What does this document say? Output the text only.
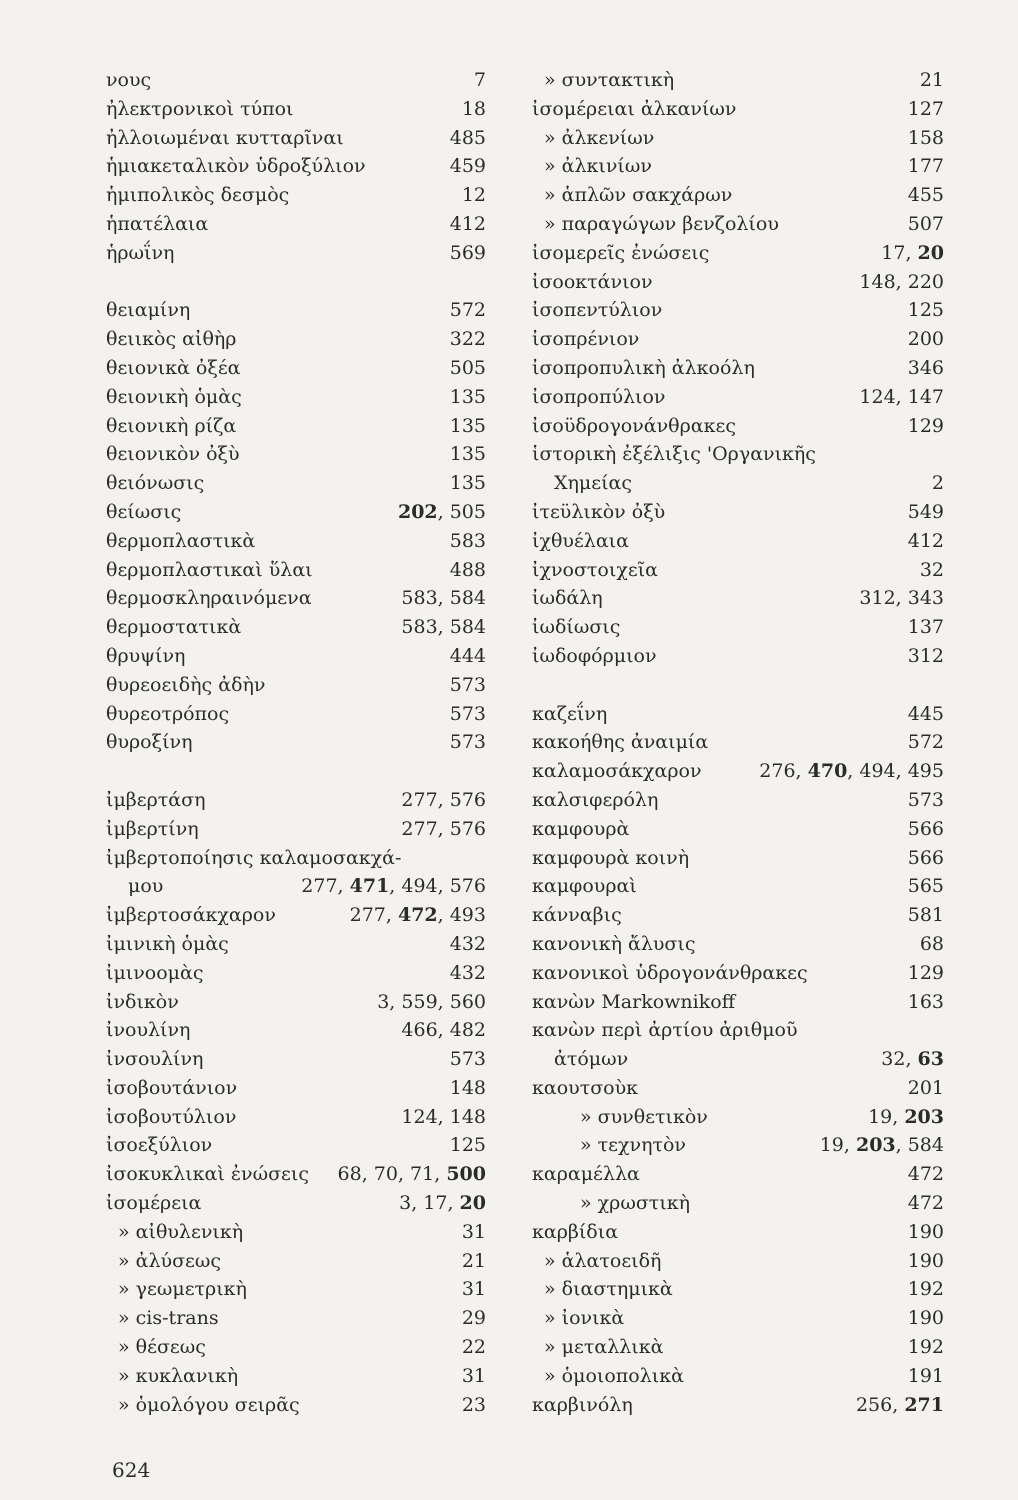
νους	7
ἠλεκτρονικοὶ τύποι	18
ἠλλοιωμέναι κυτταρῖναι	485
ἡμιακεταλικὸν ὑδροξύλιον	459
ἡμιπολικὸς δεσμὸς	12
ἡπατέλαια	412
ἡρωΐνη	569
θειαμίνη	572
θειικὸς αἰθὴρ	322
θειονικὰ ὀξέα	505
θειονικὴ ὁμὰς	135
θειονικὴ ρίζα	135
θειονικὸν ὀξὺ	135
θειόνωσις	135
θείωσις	202, 505
θερμοπλαστικὰ	583
θερμοπλαστικαὶ ὕλαι	488
θερμοσκληραινόμενα	583, 584
θερμοστατικὰ	583, 584
θρυψίνη	444
θυρεοειδὴς ἀδὴν	573
θυρεοτρόπος	573
θυροξίνη	573
ἰμβερτάση	277, 576
ἰμβερτίνη	277, 576
ἰμβερτοποίησις καλαμοσακχά-
μου	277, 471, 494, 576
ἰμβερτοσάκχαρον	277, 472, 493
ἰμινικὴ ὁμὰς	432
ἰμινοομὰς	432
ἰνδικὸν	3, 559, 560
ἰνουλίνη	466, 482
ἰνσουλίνη	573
ἰσοβουτάνιον	148
ἰσοβουτύλιον	124, 148
ἰσοεξύλιον	125
ἰσοκυκλικαὶ ἐνώσεις 68, 70, 71, 500
ἰσομέρεια	3, 17, 20
» αἰθυλενικὴ	31
» ἀλύσεως	21
» γεωμετρικὴ	31
» cis-trans	29
» θέσεως	22
» κυκλανικὴ	31
» ὁμολόγου σειρᾶς	23
» συντακτικὴ	21
ἰσομέρειαι ἀλκανίων	127
» ἀλκενίων	158
» ἀλκινίων	177
» ἁπλῶν σακχάρων	455
» παραγώγων βενζολίου	507
ἰσομερεῖς ἐνώσεις	17, 20
ἰσοοκτάνιον	148, 220
ἰσοπεντύλιον	125
ἰσοπρένιον	200
ἰσοπροπυλικὴ ἀλκοόλη	346
ἰσοπροπύλιον	124, 147
ἰσοϋδρογονάνθρακες	129
ἱστορικὴ ἐξέλιξις 'Οργανικῆς
Χημείας	2
ἰτεϋλικὸν ὀξὺ	549
ἰχθυέλαια	412
ἰχνοστοιχεῖα	32
ἰωδάλη	312, 343
ἰωδίωσις	137
ἰωδοφόρμιον	312
καζεΐνη	445
κακοήθης ἀναιμία	572
καλαμοσάκχαρον	276, 470, 494, 495
καλσιφερόλη	573
καμφουρὰ	566
καμφουρὰ κοινὴ	566
καμφουραὶ	565
κάνναβις	581
κανονικὴ ἄλυσις	68
κανονικοὶ ὑδρογονάνθρακες	129
κανὼν Markownikoff	163
κανὼν περὶ ἀρτίου ἀριθμοῦ
ἀτόμων	32, 63
καουτσοὺκ	201
» συνθετικὸν	19, 203
» τεχνητὸν	19, 203, 584
καραμέλλα	472
» χρωστικὴ	472
καρβίδια	190
» ἁλατοειδῆ	190
» διαστημικὰ	192
» ἰονικὰ	190
» μεταλλικὰ	192
» ὁμοιοπολικὰ	191
καρβινόλη	256, 271
624
